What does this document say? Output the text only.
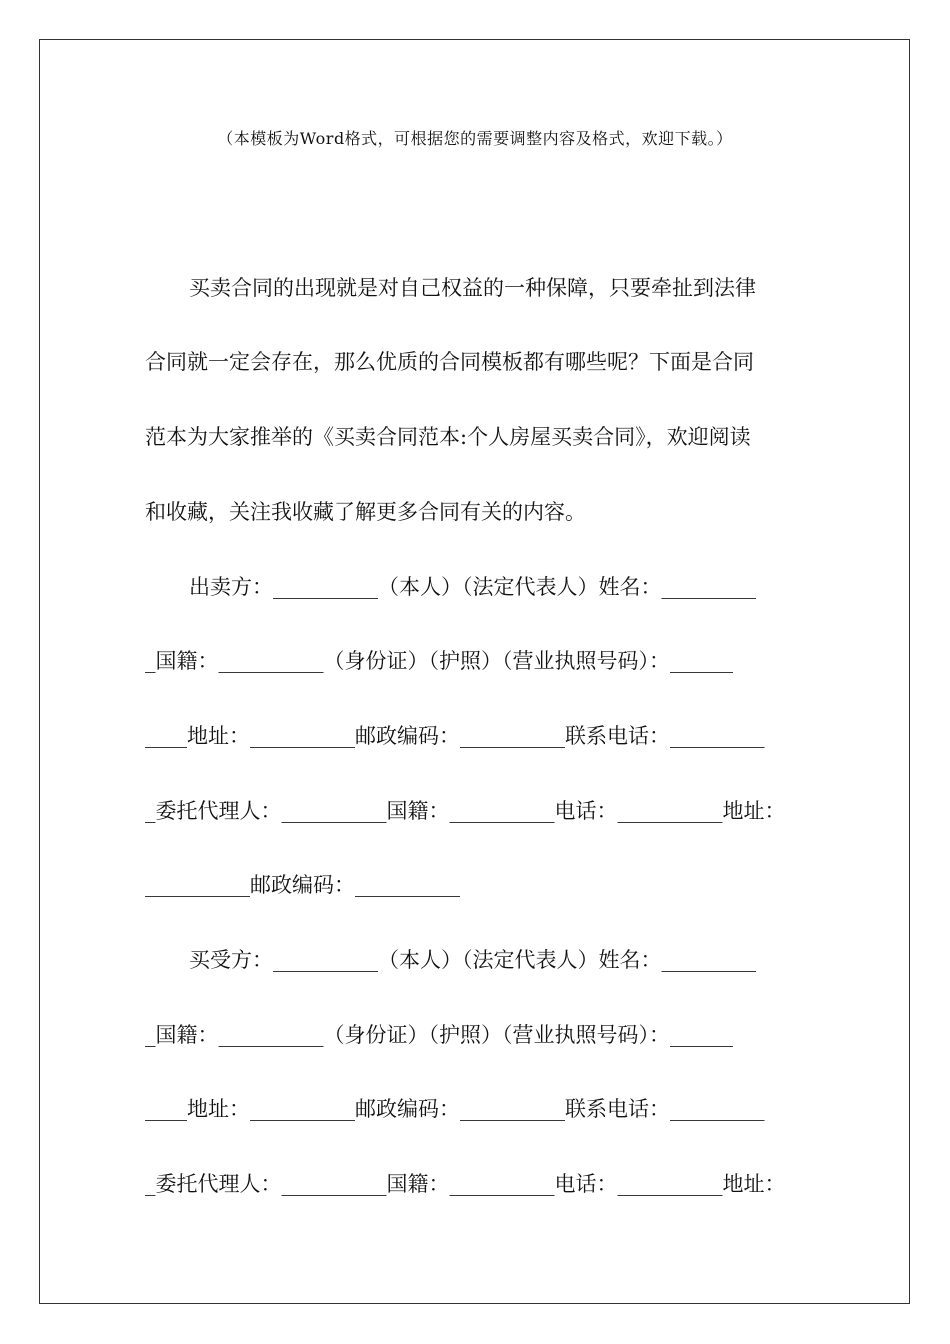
（本模板为Word格式，可根据您的需要调整内容及格式，欢迎下载。）
买卖合同的出现就是对自己权益的一种保障，只要牵扯到法律
合同就一定会存在，那么优质的合同模板都有哪些呢？下面是合同
范本为大家推举的《买卖合同范本:个人房屋买卖合同》，欢迎阅读
和收藏，关注我收藏了解更多合同有关的内容。
出卖方：__________（本人）（法定代表人）姓名：_________
_国籍：__________（身份证）（护照）（营业执照号码）：______
____地址：__________邮政编码：__________联系电话：_________
_委托代理人：__________国籍：__________电话：__________地址：
__________邮政编码：__________
买受方：__________（本人）（法定代表人）姓名：_________
_国籍：__________（身份证）（护照）（营业执照号码）：______
____地址：__________邮政编码：__________联系电话：_________
_委托代理人：__________国籍：__________电话：__________地址：
